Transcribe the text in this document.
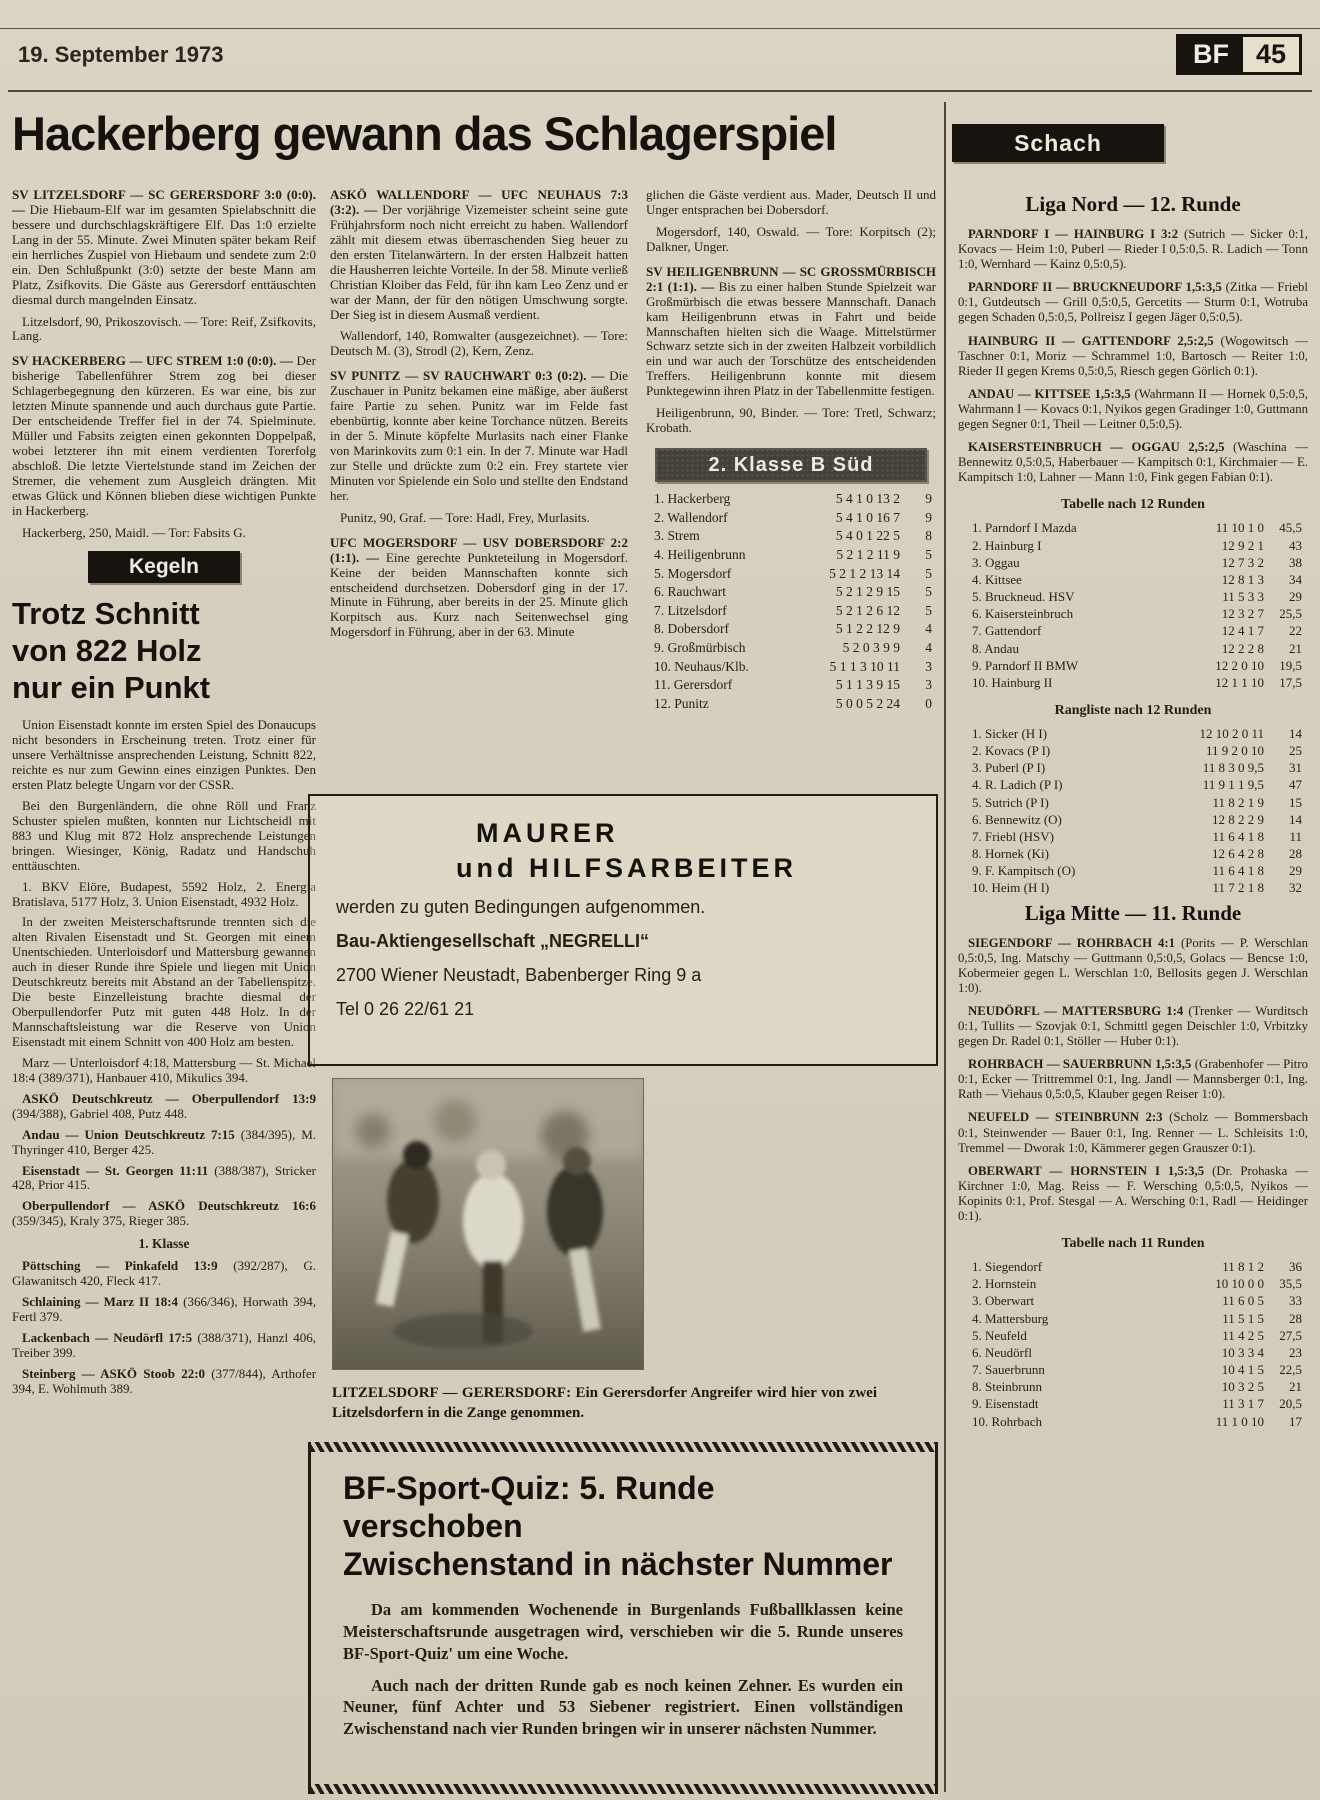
19. September 1973	BF	45
Hackerberg gewann das Schlagerspiel	Schach

SV LITZELSDORF — SC GERERSDORF 3:0 (0:0). — Die Hiebaum-Elf war im gesamten Spielabschnitt die bessere und durchschlagskräftigere Elf. Das 1:0 erzielte Lang in der 55. Minute. Zwei Minuten später bekam Reif ein herrliches Zuspiel von Hiebaum und sendete zum 2:0 ein. Den Schlußpunkt (3:0) setzte der beste Mann am Platz, Zsifkovits. Die Gäste aus Gerersdorf enttäuschten diesmal durch mangelnden Einsatz.

Litzelsdorf, 90, Prikoszovisch. — Tore: Reif, Zsifkovits, Lang.

SV HACKERBERG — UFC STREM 1:0 (0:0). — Der bisherige Tabellenführer Strem zog bei dieser Schlagerbegegnung den kürzeren. Es war eine, bis zur letzten Minute spannende und auch durchaus gute Partie. Der entscheidende Treffer fiel in der 74. Spielminute. Müller und Fabsits zeigten einen gekonnten Doppelpaß, wobei letzterer ihn mit einem verdienten Torerfolg abschloß. Die letzte Viertelstunde stand im Zeichen der Stremer, die vehement zum Ausgleich drängten. Mit etwas Glück und Können blieben diese wichtigen Punkte in Hackerberg.

Hackerberg, 250, Maidl. — Tor: Fabsits G.

Kegeln
Trotz Schnitt
von 822 Holz
nur ein Punkt

Union Eisenstadt konnte im ersten Spiel des Donaucups nicht besonders in Erscheinung treten. Trotz einer für unsere Verhältnisse ansprechenden Leistung, Schnitt 822, reichte es nur zum Gewinn eines einzigen Punktes. Den ersten Platz belegte Ungarn vor der CSSR.

Bei den Burgenländern, die ohne Röll und Franz Schuster spielen mußten, konnten nur Lichtscheidl mit 883 und Klug mit 872 Holz ansprechende Leistungen bringen. Wiesinger, König, Radatz und Handschuh enttäuschten.

1. BKV Elöre, Budapest, 5592 Holz, 2. Energia Bratislava, 5177 Holz, 3. Union Eisenstadt, 4932 Holz.

In der zweiten Meisterschaftsrunde trennten sich die alten Rivalen Eisenstadt und St. Georgen mit einem Unentschieden. Unterloisdorf und Mattersburg gewannen auch in dieser Runde ihre Spiele und liegen mit Union Deutschkreutz bereits mit Abstand an der Tabellenspitze. Die beste Einzelleistung brachte diesmal der Oberpullendorfer Putz mit guten 448 Holz. In der Mannschaftsleistung war die Reserve von Union Eisenstadt mit einem Schnitt von 400 Holz am besten.

Marz — Unterloisdorf 4:18, Mattersburg — St. Michael 18:4 (389/371), Hanbauer 410, Mikulics 394.

ASKÖ Deutschkreutz — Oberpullendorf 13:9 (394/388), Gabriel 408, Putz 448.

Andau — Union Deutschkreutz 7:15 (384/395), M. Thyringer 410, Berger 425.

Eisenstadt — St. Georgen 11:11 (388/387), Stricker 428, Prior 415.

Oberpullendorf — ASKÖ Deutschkreutz 16:6 (359/345), Kraly 375, Rieger 385.

1. Klasse

Pöttsching — Pinkafeld 13:9 (392/287), G. Glawanitsch 420, Fleck 417.

Schlaining — Marz II 18:4 (366/346), Horwath 394, Fertl 379.

Lackenbach — Neudörfl 17:5 (388/371), Hanzl 406, Treiber 399.

Steinberg — ASKÖ Stoob 22:0 (377/844), Arthofer 394, E. Wohlmuth 389.

ASKÖ WALLENDORF — UFC NEUHAUS 7:3 (3:2). — Der vorjährige Vizemeister scheint seine gute Frühjahrsform noch nicht erreicht zu haben. Wallendorf zählt mit diesem etwas überraschenden Sieg heuer zu den ersten Titelanwärtern. In der ersten Halbzeit hatten die Hausherren leichte Vorteile. In der 58. Minute verließ Christian Kloiber das Feld, für ihn kam Leo Zenz und er war der Mann, der für den nötigen Umschwung sorgte. Der Sieg ist in diesem Ausmaß verdient.

Wallendorf, 140, Romwalter (ausgezeichnet). — Tore: Deutsch M. (3), Strodl (2), Kern, Zenz.

SV PUNITZ — SV RAUCHWART 0:3 (0:2). — Die Zuschauer in Punitz bekamen eine mäßige, aber äußerst faire Partie zu sehen. Punitz war im Felde fast ebenbürtig, konnte aber keine Torchance nützen. Bereits in der 5. Minute köpfelte Murlasits nach einer Flanke von Marinkovits zum 0:1 ein. In der 7. Minute war Hadl zur Stelle und drückte zum 0:2 ein. Frey startete vier Minuten vor Spielende ein Solo und stellte den Endstand her.

Punitz, 90, Graf. — Tore: Hadl, Frey, Murlasits.

UFC MOGERSDORF — USV DOBERSDORF 2:2 (1:1). — Eine gerechte Punkteteilung in Mogersdorf. Keine der beiden Mannschaften konnte sich entscheidend durchsetzen. Dobersdorf ging in der 17. Minute in Führung, aber bereits in der 25. Minute glich Korpitsch aus. Kurz nach Seitenwechsel ging Mogersdorf in Führung, aber in der 63. Minute

glichen die Gäste verdient aus. Mader, Deutsch II und Unger entsprachen bei Dobersdorf.

Mogersdorf, 140, Oswald. — Tore: Korpitsch (2); Dalkner, Unger.

SV HEILIGENBRUNN — SC GROSSMÜRBISCH 2:1 (1:1). — Bis zu einer halben Stunde Spielzeit war Großmürbisch die etwas bessere Mannschaft. Danach kam Heiligenbrunn etwas in Fahrt und beide Mannschaften hielten sich die Waage. Mittelstürmer Schwarz setzte sich in der zweiten Halbzeit vorbildlich ein und war auch der Torschütze des entscheidenden Treffers. Heiligenbrunn konnte mit diesem Punktegewinn ihren Platz in der Tabellenmitte festigen.

Heiligenbrunn, 90, Binder. — Tore: Tretl, Schwarz; Krobath.

2. Klasse B Süd
1. Hackerberg	5 4 1 0 13 2	9
2. Wallendorf	5 4 1 0 16 7	9
3. Strem	5 4 0 1 22 5	8
4. Heiligenbrunn	5 2 1 2 11 9	5
5. Mogersdorf	5 2 1 2 13 14	5
6. Rauchwart	5 2 1 2 9 15	5
7. Litzelsdorf	5 2 1 2 6 12	5
8. Dobersdorf	5 1 2 2 12 9	4
9. Großmürbisch	5 2 0 3 9 9	4
10. Neuhaus/Klb.	5 1 1 3 10 11	3
11. Gerersdorf	5 1 1 3 9 15	3
12. Punitz	5 0 0 5 2 24	0
MAURER
und HILFSARBEITER

werden zu guten Bedingungen aufgenommen.

Bau-Aktiengesellschaft „NEGRELLI“

2700 Wiener Neustadt, Babenberger Ring 9 a

Tel 0 26 22/61 21

LITZELSDORF — GERERSDORF: Ein Gerersdorfer Angreifer wird hier von zwei Litzelsdorfern in die Zange genommen.

BF-Sport-Quiz: 5. Runde verschoben
Zwischenstand in nächster Nummer

Da am kommenden Wochenende in Burgenlands Fußballklassen keine Meisterschaftsrunde ausgetragen wird, verschieben wir die 5. Runde unseres BF-Sport-Quiz' um eine Woche.

Auch nach der dritten Runde gab es noch keinen Zehner. Es wurden ein Neuner, fünf Achter und 53 Siebener registriert. Einen vollständigen Zwischenstand nach vier Runden bringen wir in unserer nächsten Nummer.

Liga Nord — 12. Runde

PARNDORF I — HAINBURG I 3:2 (Sutrich — Sicker 0:1, Kovacs — Heim 1:0, Puberl — Rieder I 0,5:0,5. R. Ladich — Tonn 1:0, Wernhard — Kainz 0,5:0,5).

PARNDORF II — BRUCKNEUDORF 1,5:3,5 (Zitka — Friebl 0:1, Gutdeutsch — Grill 0,5:0,5, Gercetits — Sturm 0:1, Wotruba gegen Schaden 0,5:0,5, Pollreisz I gegen Jäger 0,5:0,5).

HAINBURG II — GATTENDORF 2,5:2,5 (Wogowitsch — Taschner 0:1, Moriz — Schrammel 1:0, Bartosch — Reiter 1:0, Rieder II gegen Krems 0,5:0,5, Riesch gegen Görlich 0:1).

ANDAU — KITTSEE 1,5:3,5 (Wahrmann II — Hornek 0,5:0,5, Wahrmann I — Kovacs 0:1, Nyikos gegen Gradinger 1:0, Guttmann gegen Segner 0:1, Theil — Leitner 0,5:0,5).

KAISERSTEINBRUCH — OGGAU 2,5:2,5 (Waschina — Bennewitz 0,5:0,5, Haberbauer — Kampitsch 0:1, Kirchmaier — E. Kampitsch 1:0, Lahner — Mann 1:0, Fink gegen Fabian 0:1).

Tabelle nach 12 Runden

1. Parndorf I Mazda	11 10 1 0	45,5
2. Hainburg I	12 9 2 1	43
3. Oggau	12 7 3 2	38
4. Kittsee	12 8 1 3	34
5. Bruckneud. HSV	11 5 3 3	29
6. Kaisersteinbruch	12 3 2 7	25,5
7. Gattendorf	12 4 1 7	22
8. Andau	12 2 2 8	21
9. Parndorf II BMW	12 2 0 10	19,5
10. Hainburg II	12 1 1 10	17,5

Rangliste nach 12 Runden

1. Sicker (H I)	12 10 2 0 11	14
2. Kovacs (P I)	11 9 2 0 10	25
3. Puberl (P I)	11 8 3 0 9,5	31
4. R. Ladich (P I)	11 9 1 1 9,5	47
5. Sutrich (P I)	11 8 2 1 9	15
6. Bennewitz (O)	12 8 2 2 9	14
7. Friebl (HSV)	11 6 4 1 8	11
8. Hornek (Ki)	12 6 4 2 8	28
9. F. Kampitsch (O)	11 6 4 1 8	29
10. Heim (H I)	11 7 2 1 8	32
Liga Mitte — 11. Runde

SIEGENDORF — ROHRBACH 4:1 (Porits — P. Werschlan 0,5:0,5, Ing. Matschy — Guttmann 0,5:0,5, Golacs — Bencse 1:0, Kobermeier gegen L. Werschlan 1:0, Bellosits gegen J. Werschlan 1:0).

NEUDÖRFL — MATTERSBURG 1:4 (Trenker — Wurditsch 0:1, Tullits — Szovjak 0:1, Schmittl gegen Deischler 1:0, Vrbitzky gegen Dr. Radel 0:1, Stöller — Huber 0:1).

ROHRBACH — SAUERBRUNN 1,5:3,5 (Grabenhofer — Pitro 0:1, Ecker — Trittremmel 0:1, Ing. Jandl — Mannsberger 0:1, Ing. Rath — Viehaus 0,5:0,5, Klauber gegen Reiser 1:0).

NEUFELD — STEINBRUNN 2:3 (Scholz — Bommersbach 0:1, Steinwender — Bauer 0:1, Ing. Renner — L. Schleisits 1:0, Tremmel — Dworak 1:0, Kämmerer gegen Grauszer 0:1).

OBERWART — HORNSTEIN I 1,5:3,5 (Dr. Prohaska — Kirchner 1:0, Mag. Reiss — F. Wersching 0,5:0,5, Nyikos — Kopinits 0:1, Prof. Stesgal — A. Wersching 0:1, Radl — Heidinger 0:1).

Tabelle nach 11 Runden

1. Siegendorf	11 8 1 2	36
2. Hornstein	10 10 0 0	35,5
3. Oberwart	11 6 0 5	33
4. Mattersburg	11 5 1 5	28
5. Neufeld	11 4 2 5	27,5
6. Neudörfl	10 3 3 4	23
7. Sauerbrunn	10 4 1 5	22,5
8. Steinbrunn	10 3 2 5	21
9. Eisenstadt	11 3 1 7	20,5
10. Rohrbach	11 1 0 10	17
